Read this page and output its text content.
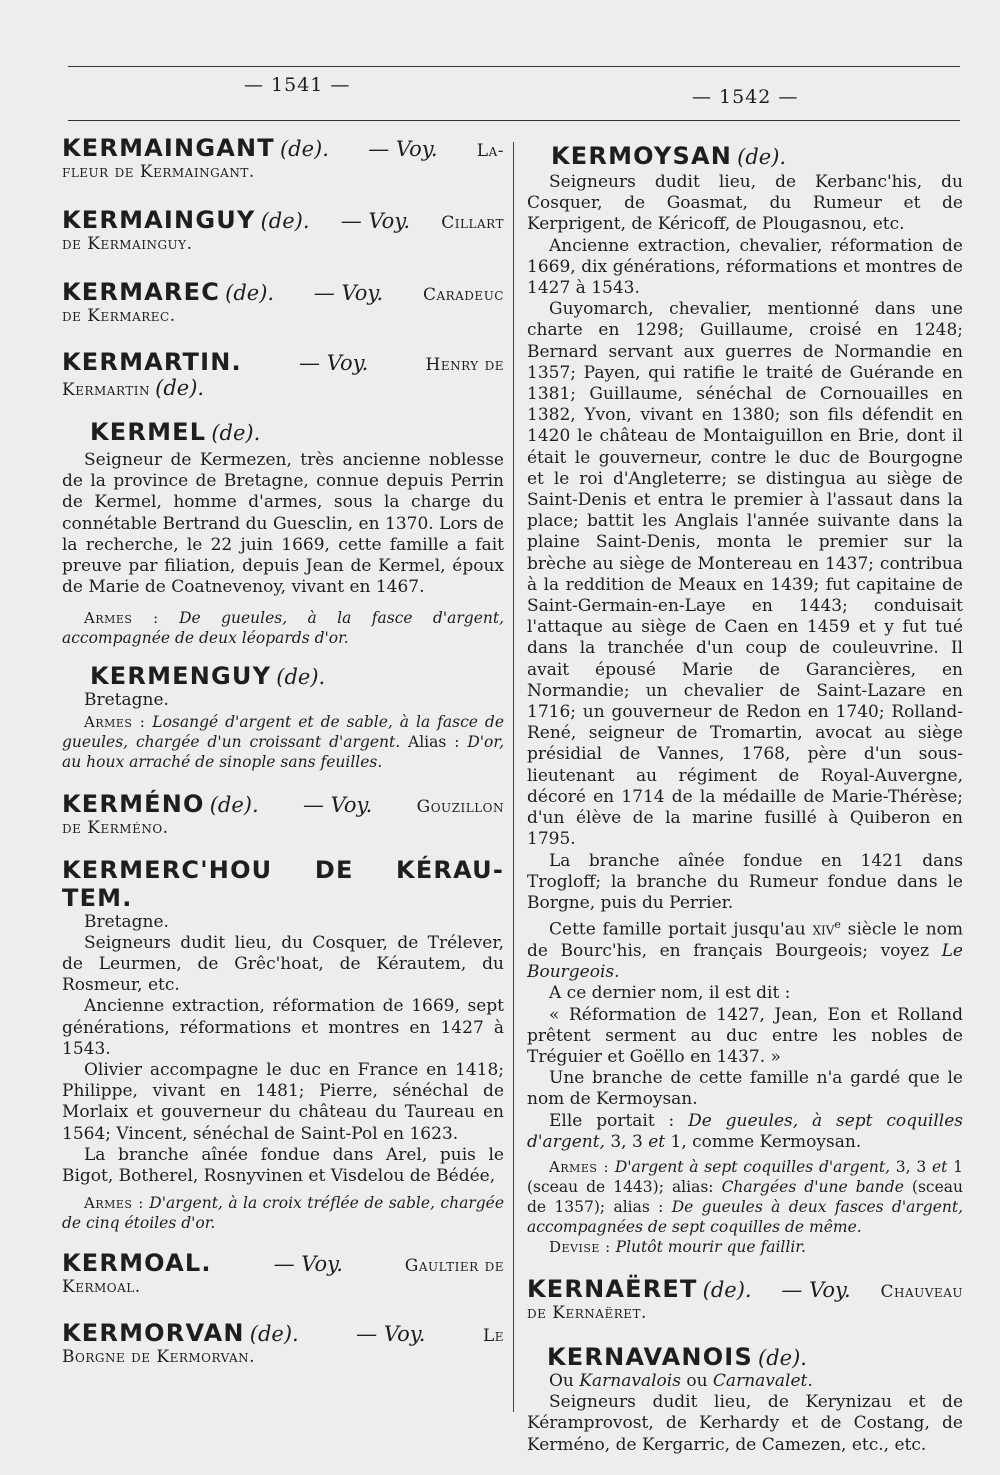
— 1541 —
— 1542 —
KERMAINGANT (de). — Voy. La-
fleur de Kermaingant.
KERMAINGUY (de). — Voy. Cillart
de Kermainguy.
KERMAREC (de). — Voy. Caradeuc
de Kermarec.
KERMARTIN.	— Voy.	Henry de
Kermartin (de).
KERMEL (de).

Seigneur de Kermezen, très ancienne noblesse de la province de Bretagne, connue depuis Perrin de Kermel, homme d'armes, sous la charge du connétable Bertrand du Guesclin, en 1370. Lors de la recherche, le 22 juin 1669, cette famille a fait preuve par filiation, depuis Jean de Kermel, époux de Marie de Coatnevenoy, vivant en 1467.

Armes : De gueules, à la fasce d'argent, accompagnée de deux léopards d'or.

KERMENGUY (de).

Bretagne.

Armes : Losangé d'argent et de sable, à la fasce de gueules, chargée d'un croissant d'argent. Alias : D'or, au houx arraché de sinople sans feuilles.

KERMÉNO (de). — Voy.	Gouzillon
de Kerméno.
KERMERC'HOU DE KÉRAU-
TEM.

Bretagne.

Seigneurs dudit lieu, du Cosquer, de Trélever, de Leurmen, de Grêc'hoat, de Kérautem, du Rosmeur, etc.

Ancienne extraction, réformation de 1669, sept générations, réformations et montres en 1427 à 1543.

Olivier accompagne le duc en France en 1418; Philippe, vivant en 1481; Pierre, sénéchal de Morlaix et gouverneur du château du Taureau en 1564; Vincent, sénéchal de Saint-Pol en 1623.

La branche aînée fondue dans Arel, puis le Bigot, Botherel, Rosnyvinen et Visdelou de Bédée,

Armes : D'argent, à la croix tréflée de sable, chargée de cinq étoiles d'or.

KERMOAL.	— Voy.	Gaultier de
Kermoal.
KERMORVAN (de).	— Voy.	Le
Borgne de Kermorvan.
KERMOYSAN (de).

Seigneurs dudit lieu, de Kerbanc'his, du Cosquer, de Goasmat, du Rumeur et de Kerprigent, de Kéricoff, de Plougasnou, etc.

Ancienne extraction, chevalier, réformation de 1669, dix générations, réformations et montres de 1427 à 1543.

Guyomarch, chevalier, mentionné dans une charte en 1298; Guillaume, croisé en 1248; Bernard servant aux guerres de Normandie en 1357; Payen, qui ratifie le traité de Guérande en 1381; Guillaume, sénéchal de Cornouailles en 1382, Yvon, vivant en 1380; son fils défendit en 1420 le château de Montaiguillon en Brie, dont il était le gouverneur, contre le duc de Bourgogne et le roi d'Angleterre; se distingua au siège de Saint-Denis et entra le premier à l'assaut dans la place; battit les Anglais l'année suivante dans la plaine Saint-Denis, monta le premier sur la brèche au siège de Montereau en 1437; contribua à la reddition de Meaux en 1439; fut capitaine de Saint-Germain-en-Laye en 1443; conduisait l'attaque au siège de Caen en 1459 et y fut tué dans la tranchée d'un coup de couleuvrine. Il avait épousé Marie de Garancières, en Normandie; un chevalier de Saint-Lazare en 1716; un gouverneur de Redon en 1740; Rolland-René, seigneur de Tromartin, avocat au siège présidial de Vannes, 1768, père d'un sous-lieutenant au régiment de Royal-Auvergne, décoré en 1714 de la médaille de Marie-Thérèse; d'un élève de la marine fusillé à Quiberon en 1795.

La branche aînée fondue en 1421 dans Trogloff; la branche du Rumeur fondue dans le Borgne, puis du Perrier.

Cette famille portait jusqu'au xiv$^e$ siècle le nom de Bourc'his, en français Bourgeois; voyez Le Bourgeois.

A ce dernier nom, il est dit :

« Réformation de 1427, Jean, Eon et Rolland prêtent serment au duc entre les nobles de Tréguier et Goëllo en 1437. »

Une branche de cette famille n'a gardé que le nom de Kermoysan.

Elle portait : De gueules, à sept coquilles d'argent, 3, 3 et 1, comme Kermoysan.

Armes : D'argent à sept coquilles d'argent, 3, 3 et 1 (sceau de 1443); alias: Chargées d'une bande (sceau de 1357); alias : De gueules à deux fasces d'argent, accompagnées de sept coquilles de même.

Devise : Plutôt mourir que faillir.

KERNAËRET (de). — Voy. Chauveau
de Kernaëret.
KERNAVANOIS (de).

Ou Karnavalois ou Carnavalet.

Seigneurs dudit lieu, de Kerynizau et de Kéramprovost, de Kerhardy et de Costang, de Kerméno, de Kergarric, de Camezen, etc., etc.
